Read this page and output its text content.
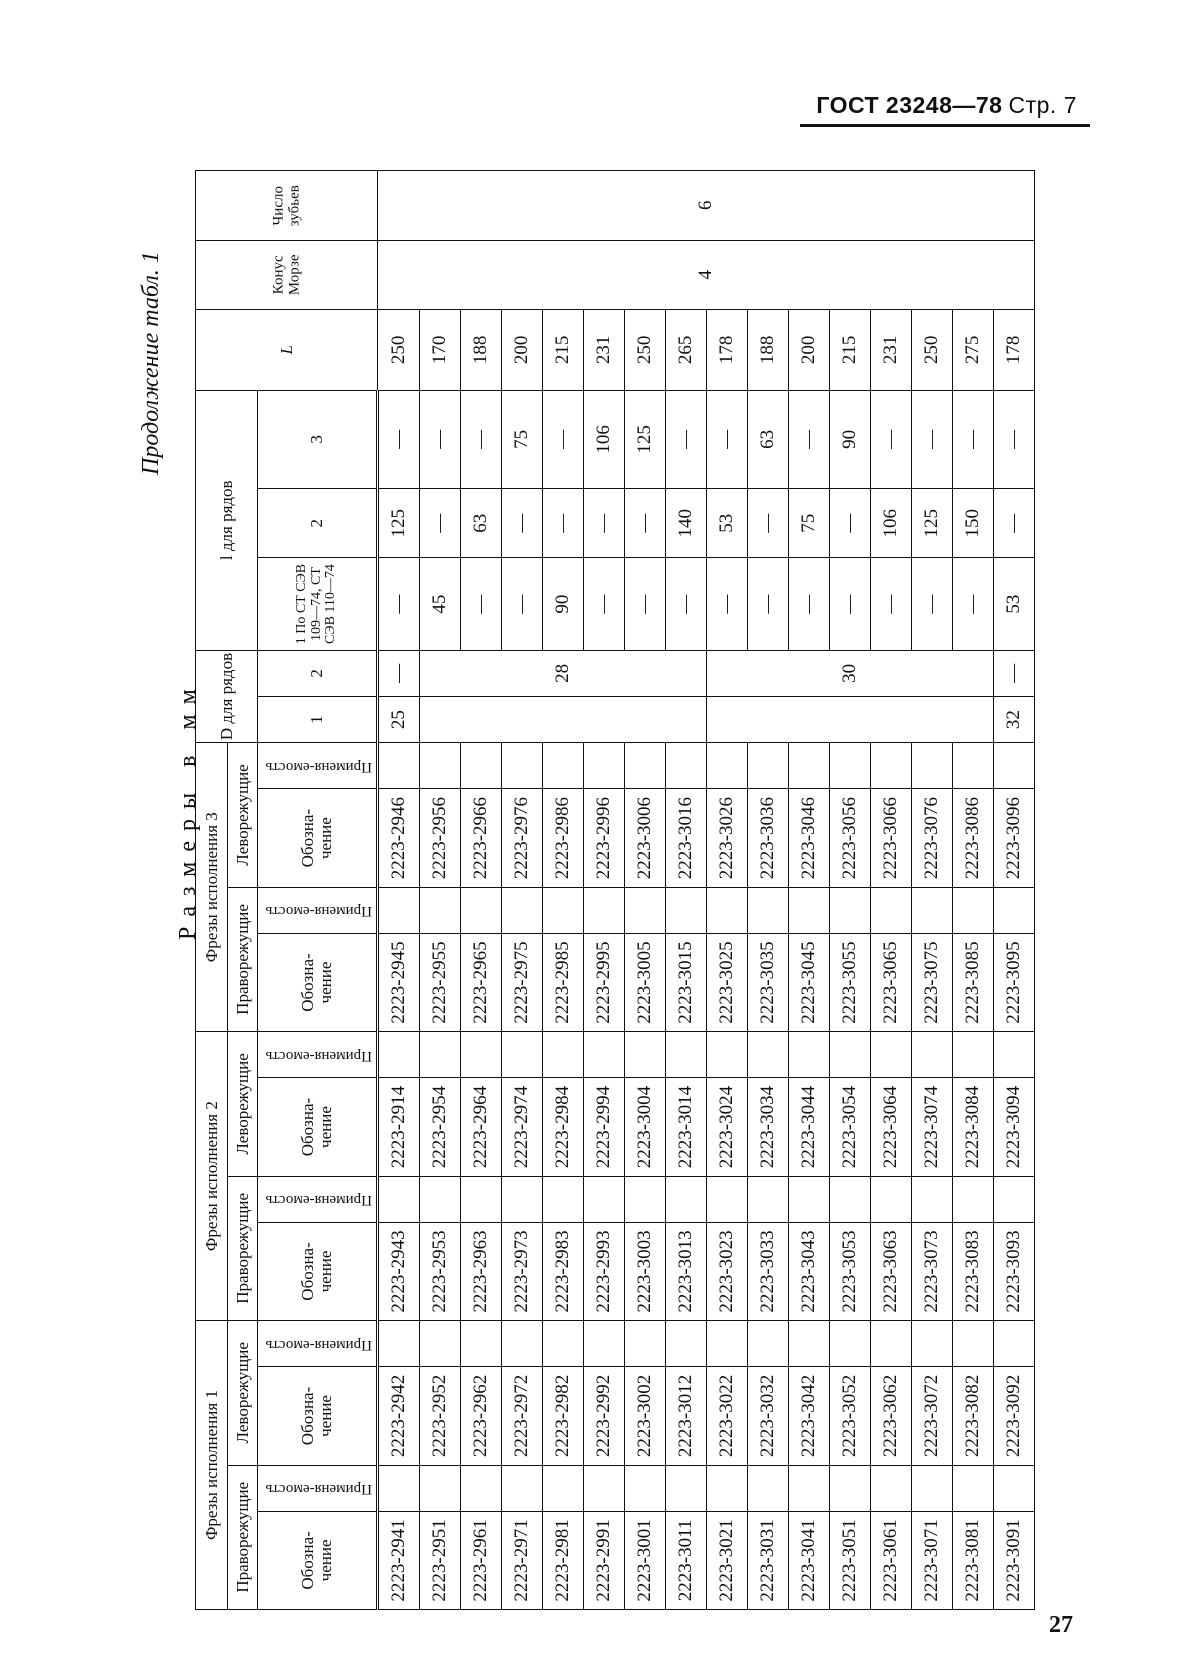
ГОСТ 23248—78 Стр. 7
Продолжение табл. 1
Размеры в мм
Фрезы исполнения 1				Фрезы исполнения 2				Фрезы исполнения 3				D для рядов		l для рядов			L	Конус Морзе	Число зубьев

Праворежущие		Леворежущие		Праворежущие		Леворежущие		Праворежущие		Леворежущие									
Обозна-чение	Применя-емость	Обозна-чение	Применя-емость	Обозна-чение	Применя-емость	Обозна-чение	Применя-емость	Обозна-чение	Применя-емость	Обозна-чение	Применя-емость	1	2	1 По СТ СЭВ 109—74, СТ СЭВ 110—74	2	3			
2223-2941		2223-2942		2223-2943		2223-2914		2223-2945		2223-2946		25	—	—	125	—	250	4	6
2223-2951		2223-2952		2223-2953		2223-2954		2223-2955		2223-2956			28	45	—	—	170		
2223-2961		2223-2962		2223-2963		2223-2964		2223-2965		2223-2966				—	63	—	188		
2223-2971		2223-2972		2223-2973		2223-2974		2223-2975		2223-2976				—	—	75	200		
2223-2981		2223-2982		2223-2983		2223-2984		2223-2985		2223-2986				90	—	—	215		
2223-2991		2223-2992		2223-2993		2223-2994		2223-2995		2223-2996				—	—	106	231		
2223-3001		2223-3002		2223-3003		2223-3004		2223-3005		2223-3006				—	—	125	250		
2223-3011		2223-3012		2223-3013		2223-3014		2223-3015		2223-3016				—	140	—	265		
2223-3021		2223-3022		2223-3023		2223-3024		2223-3025		2223-3026			30	—	53	—	178		
2223-3031		2223-3032		2223-3033		2223-3034		2223-3035		2223-3036				—	—	63	188		
2223-3041		2223-3042		2223-3043		2223-3044		2223-3045		2223-3046				—	75	—	200		
2223-3051		2223-3052		2223-3053		2223-3054		2223-3055		2223-3056				—	—	90	215		
2223-3061		2223-3062		2223-3063		2223-3064		2223-3065		2223-3066				—	106	—	231		
2223-3071		2223-3072		2223-3073		2223-3074		2223-3075		2223-3076				—	125	—	250		
2223-3081		2223-3082		2223-3083		2223-3084		2223-3085		2223-3086				—	150	—	275		
2223-3091		2223-3092		2223-3093		2223-3094		2223-3095		2223-3096		32	—	53	—	—	178		
27
